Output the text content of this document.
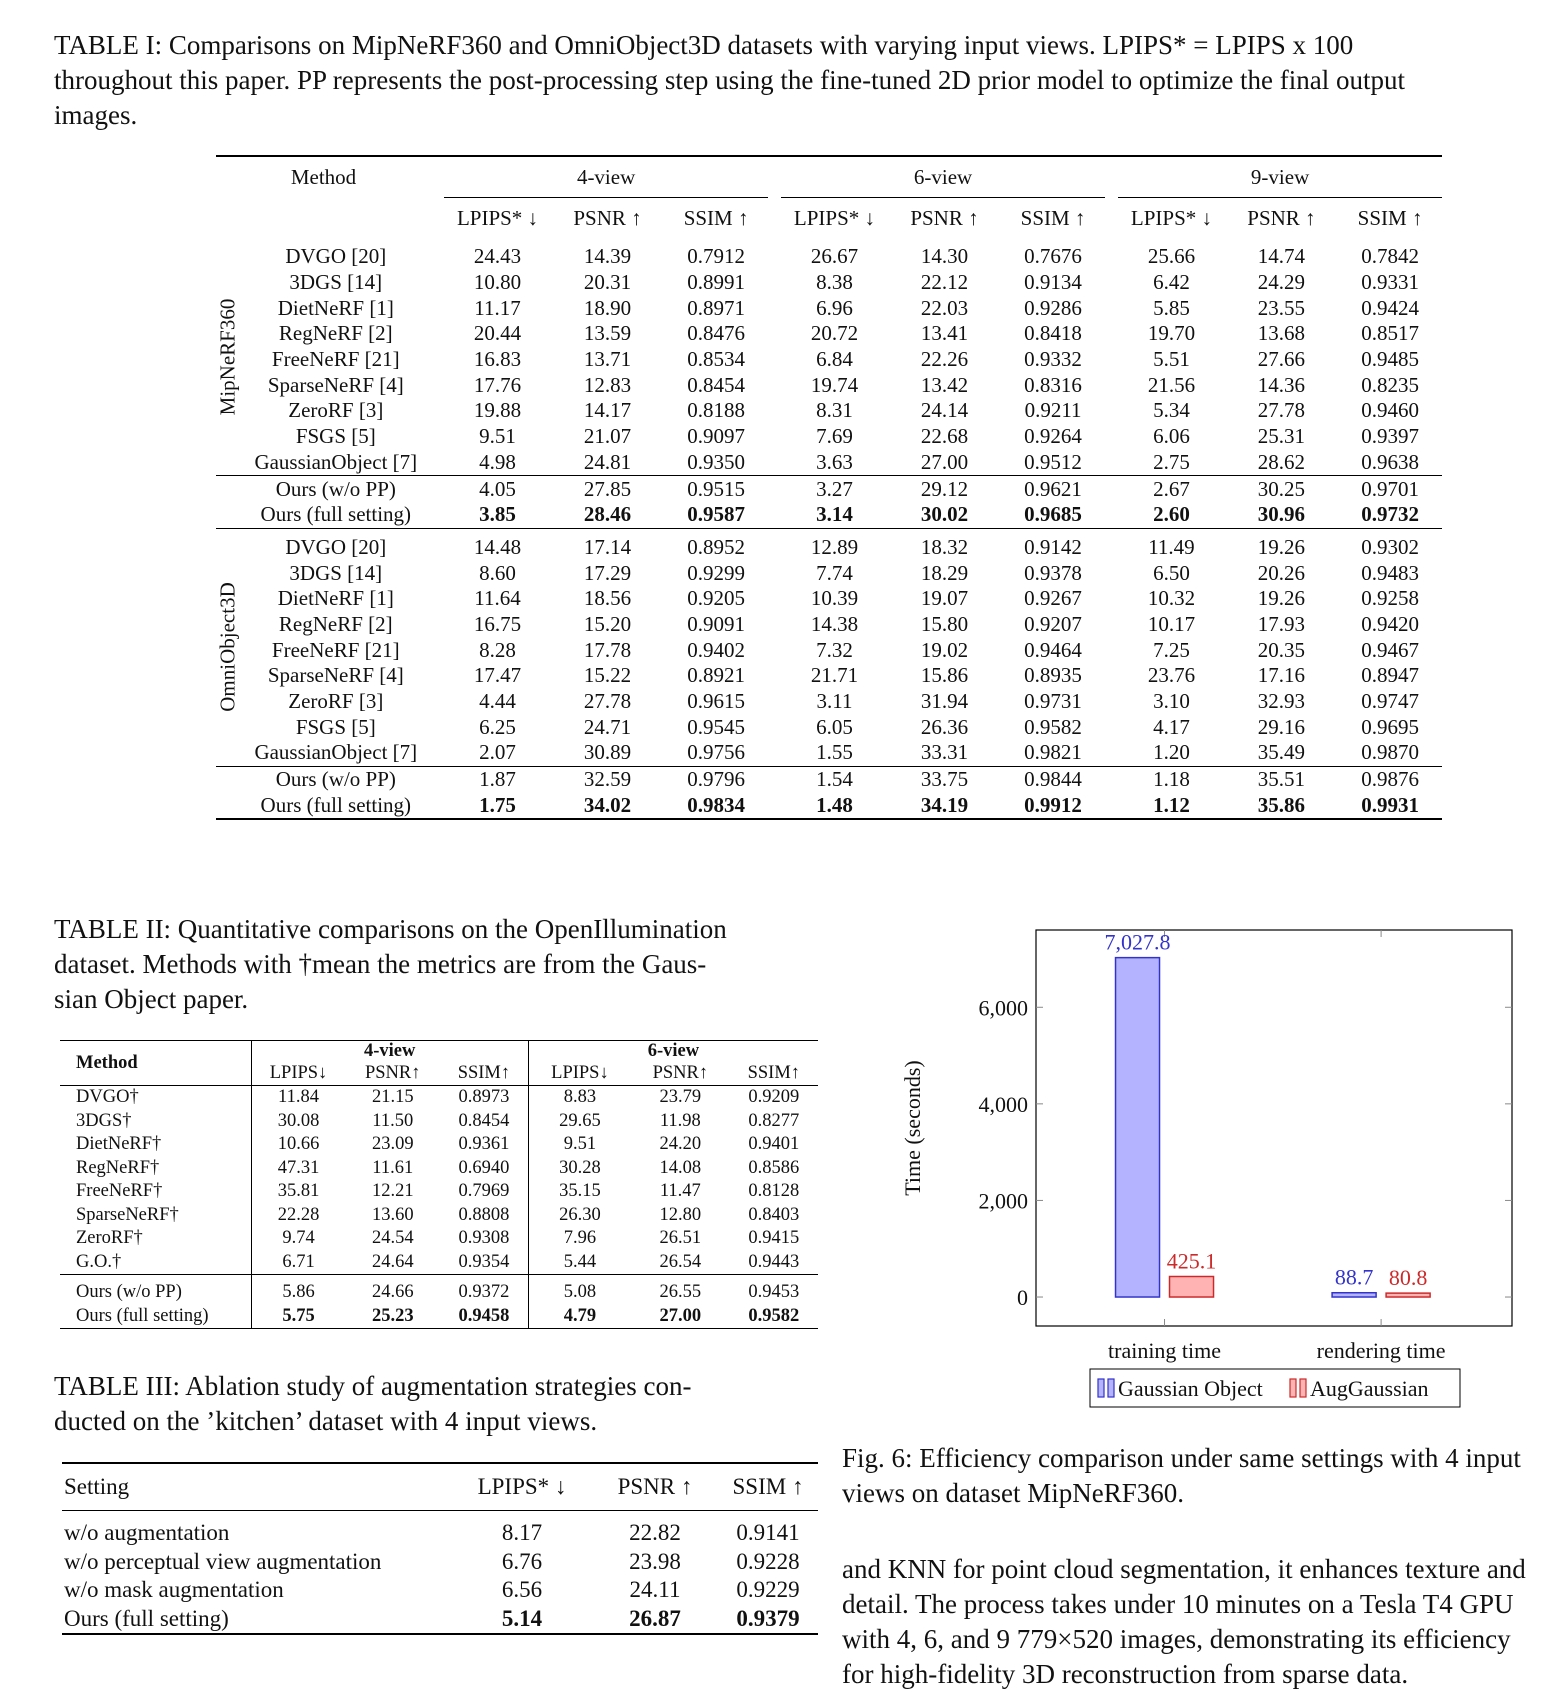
TABLE I: Comparisons on MipNeRF360 and OmniObject3D datasets with varying input views. LPIPS* = LPIPS x 100
throughout this paper. PP represents the post-processing step using the fine-tuned 2D prior model to optimize the final output
images.
Method			4-view				6-view				9-view		
			LPIPS* ↓	PSNR ↑	SSIM ↑		LPIPS* ↓	PSNR ↑	SSIM ↑		LPIPS* ↓	PSNR ↑	SSIM ↑

MipNeRF360	DVGO [20]		24.43	14.39	0.7912		26.67	14.30	0.7676		25.66	14.74	0.7842
	3DGS [14]		10.80	20.31	0.8991		8.38	22.12	0.9134		6.42	24.29	0.9331
	DietNeRF [1]		11.17	18.90	0.8971		6.96	22.03	0.9286		5.85	23.55	0.9424
	RegNeRF [2]		20.44	13.59	0.8476		20.72	13.41	0.8418		19.70	13.68	0.8517
	FreeNeRF [21]		16.83	13.71	0.8534		6.84	22.26	0.9332		5.51	27.66	0.9485
	SparseNeRF [4]		17.76	12.83	0.8454		19.74	13.42	0.8316		21.56	14.36	0.8235
	ZeroRF [3]		19.88	14.17	0.8188		8.31	24.14	0.9211		5.34	27.78	0.9460
	FSGS [5]		9.51	21.07	0.9097		7.69	22.68	0.9264		6.06	25.31	0.9397
	GaussianObject [7]		4.98	24.81	0.9350		3.63	27.00	0.9512		2.75	28.62	0.9638
	Ours (w/o PP)		4.05	27.85	0.9515		3.27	29.12	0.9621		2.67	30.25	0.9701
	Ours (full setting)		3.85	28.46	0.9587		3.14	30.02	0.9685		2.60	30.96	0.9732

OmniObject3D	DVGO [20]		14.48	17.14	0.8952		12.89	18.32	0.9142		11.49	19.26	0.9302
	3DGS [14]		8.60	17.29	0.9299		7.74	18.29	0.9378		6.50	20.26	0.9483
	DietNeRF [1]		11.64	18.56	0.9205		10.39	19.07	0.9267		10.32	19.26	0.9258
	RegNeRF [2]		16.75	15.20	0.9091		14.38	15.80	0.9207		10.17	17.93	0.9420
	FreeNeRF [21]		8.28	17.78	0.9402		7.32	19.02	0.9464		7.25	20.35	0.9467
	SparseNeRF [4]		17.47	15.22	0.8921		21.71	15.86	0.8935		23.76	17.16	0.8947
	ZeroRF [3]		4.44	27.78	0.9615		3.11	31.94	0.9731		3.10	32.93	0.9747
	FSGS [5]		6.25	24.71	0.9545		6.05	26.36	0.9582		4.17	29.16	0.9695
	GaussianObject [7]		2.07	30.89	0.9756		1.55	33.31	0.9821		1.20	35.49	0.9870
	Ours (w/o PP)		1.87	32.59	0.9796		1.54	33.75	0.9844		1.18	35.51	0.9876
	Ours (full setting)		1.75	34.02	0.9834		1.48	34.19	0.9912		1.12	35.86	0.9931
TABLE II: Quantitative comparisons on the OpenIllumination
dataset. Methods with †mean the metrics are from the Gaus-
sian Object paper.
Method	4-view			6-view		
	LPIPS↓	PSNR↑	SSIM↑	LPIPS↓	PSNR↑	SSIM↑
DVGO†	11.84	21.15	0.8973	8.83	23.79	0.9209
3DGS†	30.08	11.50	0.8454	29.65	11.98	0.8277
DietNeRF†	10.66	23.09	0.9361	9.51	24.20	0.9401
RegNeRF†	47.31	11.61	0.6940	30.28	14.08	0.8586
FreeNeRF†	35.81	12.21	0.7969	35.15	11.47	0.8128
SparseNeRF†	22.28	13.60	0.8808	26.30	12.80	0.8403
ZeroRF†	9.74	24.54	0.9308	7.96	26.51	0.9415
G.O.†	6.71	24.64	0.9354	5.44	26.54	0.9443
Ours (w/o PP)	5.86	24.66	0.9372	5.08	26.55	0.9453
Ours (full setting)	5.75	25.23	0.9458	4.79	27.00	0.9582
TABLE III: Ablation study of augmentation strategies con-
ducted on the ’kitchen’ dataset with 4 input views.
Setting	LPIPS* ↓	PSNR ↑	SSIM ↑
w/o augmentation	8.17	22.82	0.9141
w/o perceptual view augmentation	6.76	23.98	0.9228
w/o mask augmentation	6.56	24.11	0.9229
Ours (full setting)	5.14	26.87	0.9379
0
2,000
4,000
6,000
training time
7,027.8
425.1
rendering time
88.7 80.8
Time (seconds)
Gaussian Object AugGaussian
Fig. 6: Efficiency comparison under same settings with 4 input
views on dataset MipNeRF360.
and KNN for point cloud segmentation, it enhances texture and
detail. The process takes under 10 minutes on a Tesla T4 GPU
with 4, 6, and 9 779×520 images, demonstrating its efficiency
for high-fidelity 3D reconstruction from sparse data.
